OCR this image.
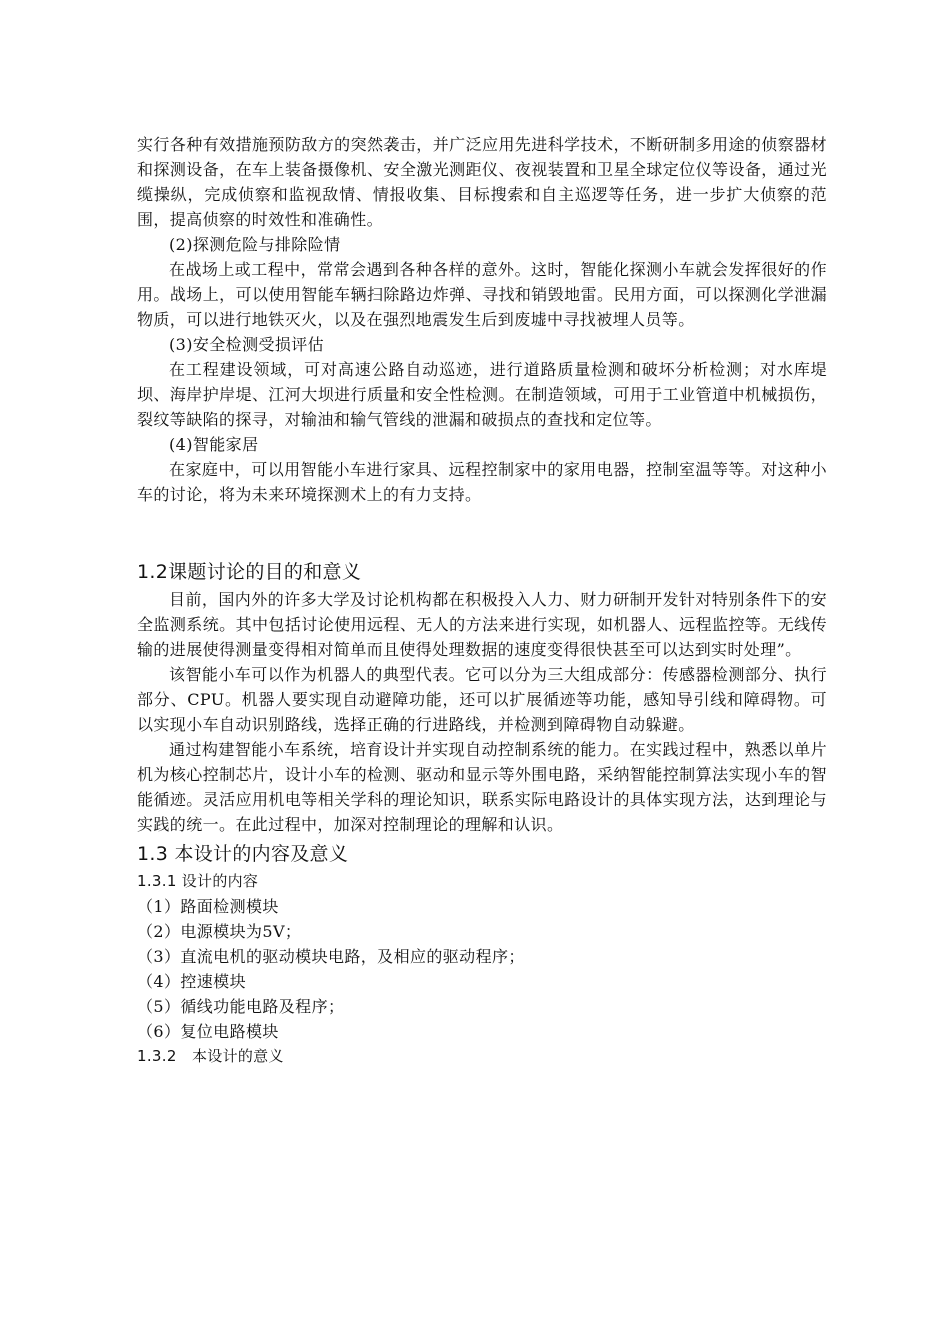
实行各种有效措施预防敌方的突然袭击，并广泛应用先进科学技术，不断研制多用途的侦察器材和探测设备，在车上装备摄像机、安全激光测距仪、夜视装置和卫星全球定位仪等设备，通过光缆操纵，完成侦察和监视敌情、情报收集、目标搜索和自主巡逻等任务，进一步扩大侦察的范围，提高侦察的时效性和准确性。

(2)探测危险与排除险情

在战场上或工程中，常常会遇到各种各样的意外。这时，智能化探测小车就会发挥很好的作用。战场上，可以使用智能车辆扫除路边炸弹、寻找和销毁地雷。民用方面，可以探测化学泄漏物质，可以进行地铁灭火，以及在强烈地震发生后到废墟中寻找被埋人员等。

(3)安全检测受损评估

在工程建设领域，可对高速公路自动巡迹，进行道路质量检测和破坏分析检测；对水库堤坝、海岸护岸堤、江河大坝进行质量和安全性检测。在制造领域，可用于工业管道中机械损伤，裂纹等缺陷的探寻，对输油和输气管线的泄漏和破损点的查找和定位等。

(4)智能家居

在家庭中，可以用智能小车进行家具、远程控制家中的家用电器，控制室温等等。对这种小车的讨论，将为未来环境探测术上的有力支持。

1.2课题讨论的目的和意义

目前，国内外的许多大学及讨论机构都在积极投入人力、财力研制开发针对特别条件下的安全监测系统。其中包括讨论使用远程、无人的方法来进行实现，如机器人、远程监控等。无线传输的进展使得测量变得相对简单而且使得处理数据的速度变得很快甚至可以达到实时处理”。

该智能小车可以作为机器人的典型代表。它可以分为三大组成部分：传感器检测部分、执行部分、CPU。机器人要实现自动避障功能，还可以扩展循迹等功能，感知导引线和障碍物。可以实现小车自动识别路线，选择正确的行进路线，并检测到障碍物自动躲避。

通过构建智能小车系统，培育设计并实现自动控制系统的能力。在实践过程中，熟悉以单片机为核心控制芯片，设计小车的检测、驱动和显示等外围电路，采纳智能控制算法实现小车的智能循迹。灵活应用机电等相关学科的理论知识，联系实际电路设计的具体实现方法，达到理论与实践的统一。在此过程中，加深对控制理论的理解和认识。

1.3 本设计的内容及意义
1.3.1 设计的内容
（1）路面检测模块
（2）电源模块为5V；
（3）直流电机的驱动模块电路，及相应的驱动程序；
（4）控速模块
（5）循线功能电路及程序；
（6）复位电路模块
1.3.2　本设计的意义
